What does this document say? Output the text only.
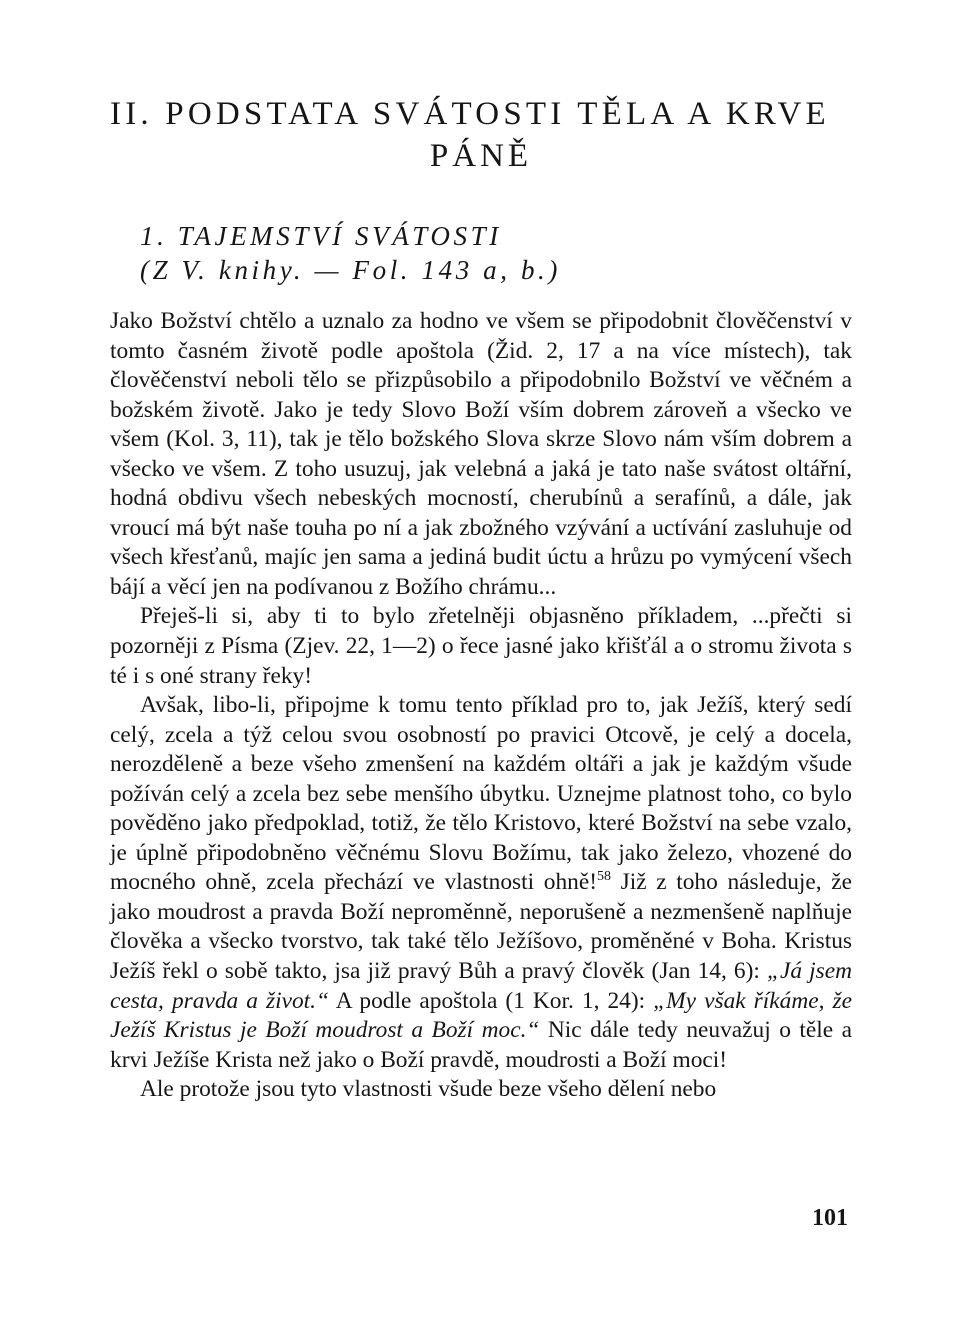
II. PODSTATA SVÁTOSTI TĚLA A KRVE
PÁNĚ
1. TAJEMSTVÍ SVÁTOSTI
(Z V. knihy. — Fol. 143 a, b.)

Jako Božství chtělo a uznalo za hodno ve všem se připodobnit člověčenství v tomto časném životě podle apoštola (Žid. 2, 17 a na více místech), tak člověčenství neboli tělo se přizpůsobilo a připodobnilo Božství ve věčném a božském životě. Jako je tedy Slovo Boží vším dobrem zároveň a všecko ve všem (Kol. 3, 11), tak je tělo božského Slova skrze Slovo nám vším dobrem a všecko ve všem. Z toho usuzuj, jak velebná a jaká je tato naše svátost oltářní, hodná obdivu všech nebeských mocností, cherubínů a serafínů, a dále, jak vroucí má být naše touha po ní a jak zbožného vzývání a uctívání zasluhuje od všech křesťanů, majíc jen sama a jediná budit úctu a hrůzu po vymýcení všech bájí a věcí jen na podívanou z Božího chrámu...

Přeješ-li si, aby ti to bylo zřetelněji objasněno příkladem, ...přečti si pozorněji z Písma (Zjev. 22, 1—2) o řece jasné jako křišťál a o stromu života s té i s oné strany řeky!

Avšak, libo-li, připojme k tomu tento příklad pro to, jak Ježíš, který sedí celý, zcela a týž celou svou osobností po pravici Otcově, je celý a docela, nerozděleně a beze všeho zmenšení na každém oltáři a jak je každým všude požíván celý a zcela bez sebe menšího úbytku. Uznejme platnost toho, co bylo pověděno jako předpoklad, totiž, že tělo Kristovo, které Božství na sebe vzalo, je úplně připodobněno věčnému Slovu Božímu, tak jako železo, vhozené do mocného ohně, zcela přechází ve vlastnosti ohně!$^{58}$ Již z toho následuje, že jako moudrost a pravda Boží neproměnně, neporušeně a nezmenšeně naplňuje člověka a všecko tvorstvo, tak také tělo Ježíšovo, proměněné v Boha. Kristus Ježíš řekl o sobě takto, jsa již pravý Bůh a pravý člověk (Jan 14, 6): „Já jsem cesta, pravda a život.“ A podle apoštola (1 Kor. 1, 24): „My však říkáme, že Ježíš Kristus je Boží moudrost a Boží moc.“ Nic dále tedy neuvažuj o těle a krvi Ježíše Krista než jako o Boží pravdě, moudrosti a Boží moci!

Ale protože jsou tyto vlastnosti všude beze všeho dělení nebo

101
